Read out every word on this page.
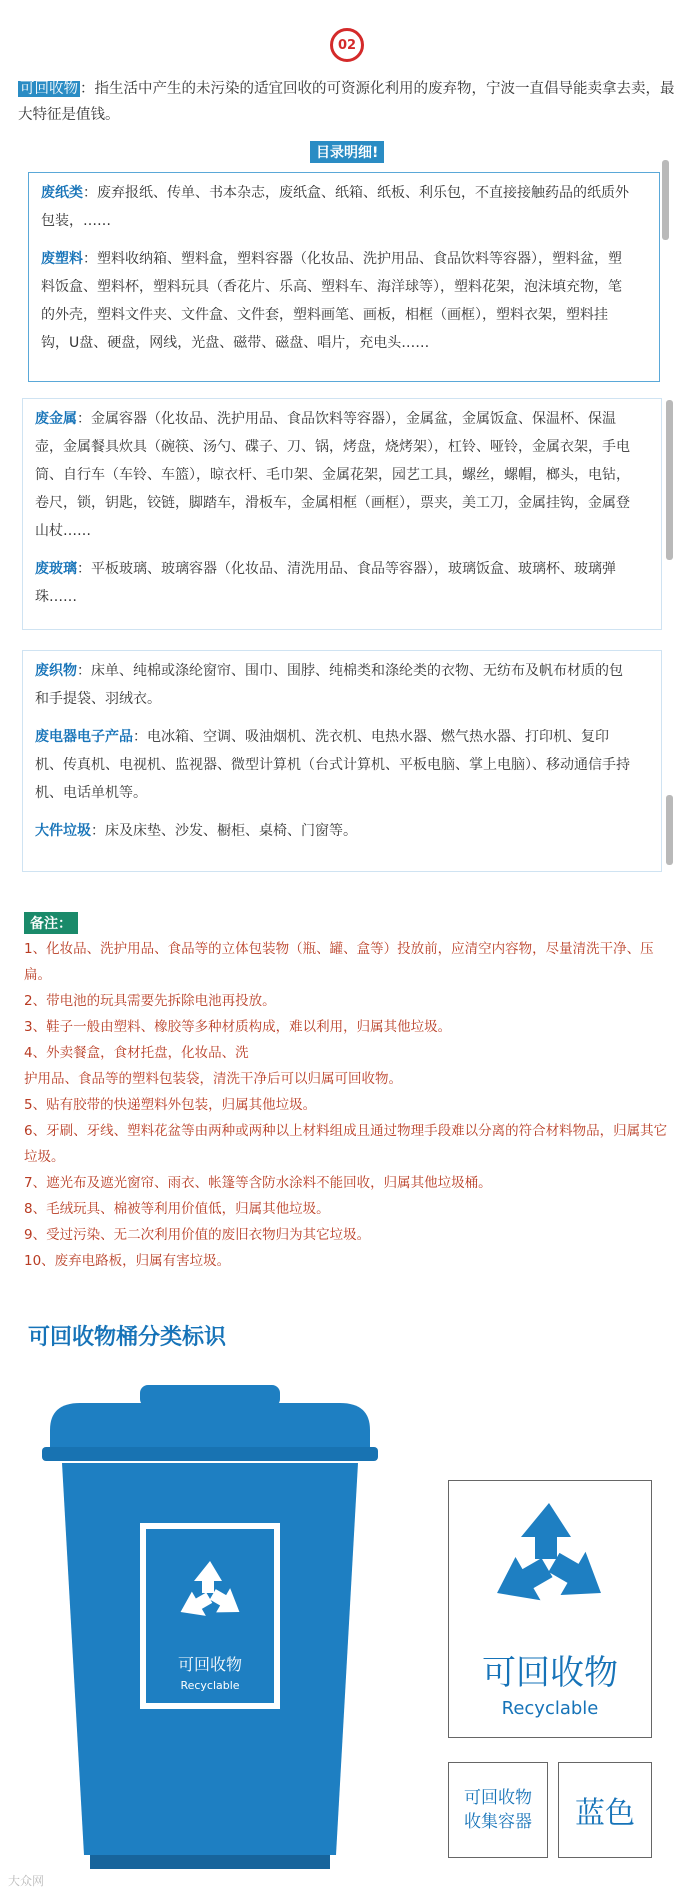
02
可回收物 ：指生活中产生的未污染的适宜回收的可资源化利用的废弃物，宁波一直倡导能卖拿去卖，最大特征是值钱。
目录明细!

废纸类：废弃报纸、传单、书本杂志，废纸盒、纸箱、纸板、利乐包，不直接接触药品的纸质外包装，……

废塑料：塑料收纳箱、塑料盒，塑料容器（化妆品、洗护用品、食品饮料等容器），塑料盆，塑料饭盒、塑料杯，塑料玩具（香花片、乐高、塑料车、海洋球等），塑料花架，泡沫填充物，笔的外壳，塑料文件夹、文件盒、文件套，塑料画笔、画板，相框（画框），塑料衣架，塑料挂钩，U盘、硬盘，网线，光盘、磁带、磁盘、唱片，充电头……

废金属：金属容器（化妆品、洗护用品、食品饮料等容器），金属盆，金属饭盒、保温杯、保温壶，金属餐具炊具（碗筷、汤勺、碟子、刀、锅，烤盘，烧烤架），杠铃、哑铃，金属衣架，手电筒、自行车（车铃、车篮），晾衣杆、毛巾架、金属花架，园艺工具，螺丝，螺帽，榔头，电钻，卷尺，锁，钥匙，铰链，脚踏车，滑板车，金属相框（画框），票夹，美工刀，金属挂钩，金属登山杖……

废玻璃：平板玻璃、玻璃容器（化妆品、清洗用品、食品等容器），玻璃饭盒、玻璃杯、玻璃弹珠……

废织物：床单、纯棉或涤纶窗帘、围巾、围脖、纯棉类和涤纶类的衣物、无纺布及帆布材质的包和手提袋、羽绒衣。

废电器电子产品：电冰箱、空调、吸油烟机、洗衣机、电热水器、燃气热水器、打印机、复印机、传真机、电视机、监视器、微型计算机（台式计算机、平板电脑、掌上电脑）、移动通信手持机、电话单机等。

大件垃圾：床及床垫、沙发、橱柜、桌椅、门窗等。

备注：
1、化妆品、洗护用品、食品等的立体包装物（瓶、罐、盒等）投放前，应清空内容物，尽量清洗干净、压扁。
2、带电池的玩具需要先拆除电池再投放。
3、鞋子一般由塑料、橡胶等多种材质构成，难以利用，归属其他垃圾。
4、外卖餐盒，食材托盘，化妆品、洗
护用品、食品等的塑料包装袋，清洗干净后可以归属可回收物。
5、贴有胶带的快递塑料外包装，归属其他垃圾。
6、牙刷、牙线、塑料花盆等由两种或两种以上材料组成且通过物理手段难以分离的符合材料物品，归属其它垃圾。
7、遮光布及遮光窗帘、雨衣、帐篷等含防水涂料不能回收，归属其他垃圾桶。
8、毛绒玩具、棉被等利用价值低，归属其他垃圾。
9、受过污染、无二次利用价值的废旧衣物归为其它垃圾。
10、废弃电路板，归属有害垃圾。
可回收物桶分类标识
可回收物
Recyclable	可回收物
Recyclable
可回收物收集容器 蓝色
大众网
